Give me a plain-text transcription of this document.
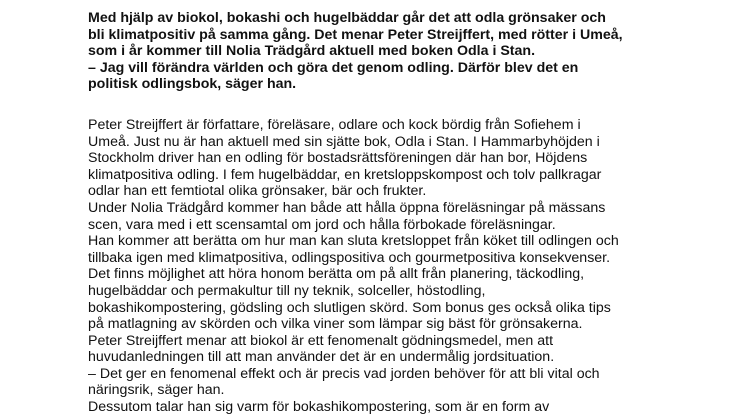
Med hjälp av biokol, bokashi och hugelbäddar går det att odla grönsaker och
bli klimatpositiv på samma gång. Det menar Peter Streijffert, med rötter i Umeå,
som i år kommer till Nolia Trädgård aktuell med boken Odla i Stan.
– Jag vill förändra världen och göra det genom odling. Därför blev det en
politisk odlingsbok, säger han.
Peter Streijffert är författare, föreläsare, odlare och kock bördig från Sofiehem i
Umeå. Just nu är han aktuell med sin sjätte bok, Odla i Stan. I Hammarbyhöjden i
Stockholm driver han en odling för bostadsrättsföreningen där han bor, Höjdens
klimatpositiva odling. I fem hugelbäddar, en kretsloppskompost och tolv pallkragar
odlar han ett femtiotal olika grönsaker, bär och frukter.
Under Nolia Trädgård kommer han både att hålla öppna föreläsningar på mässans
scen, vara med i ett scensamtal om jord och hålla förbokade föreläsningar.
Han kommer att berätta om hur man kan sluta kretsloppet från köket till odlingen och
tillbaka igen med klimatpositiva, odlingspositiva och gourmetpositiva konsekvenser.
Det finns möjlighet att höra honom berätta om på allt från planering, täckodling,
hugelbäddar och permakultur till ny teknik, solceller, höstodling,
bokashikompostering, gödsling och slutligen skörd. Som bonus ges också olika tips
på matlagning av skörden och vilka viner som lämpar sig bäst för grönsakerna.
Peter Streijffert menar att biokol är ett fenomenalt gödningsmedel, men att
huvudanledningen till att man använder det är en undermålig jordsituation.
– Det ger en fenomenal effekt och är precis vad jorden behöver för att bli vital och
näringsrik, säger han.
Dessutom talar han sig varm för bokashikompostering, som är en form av
